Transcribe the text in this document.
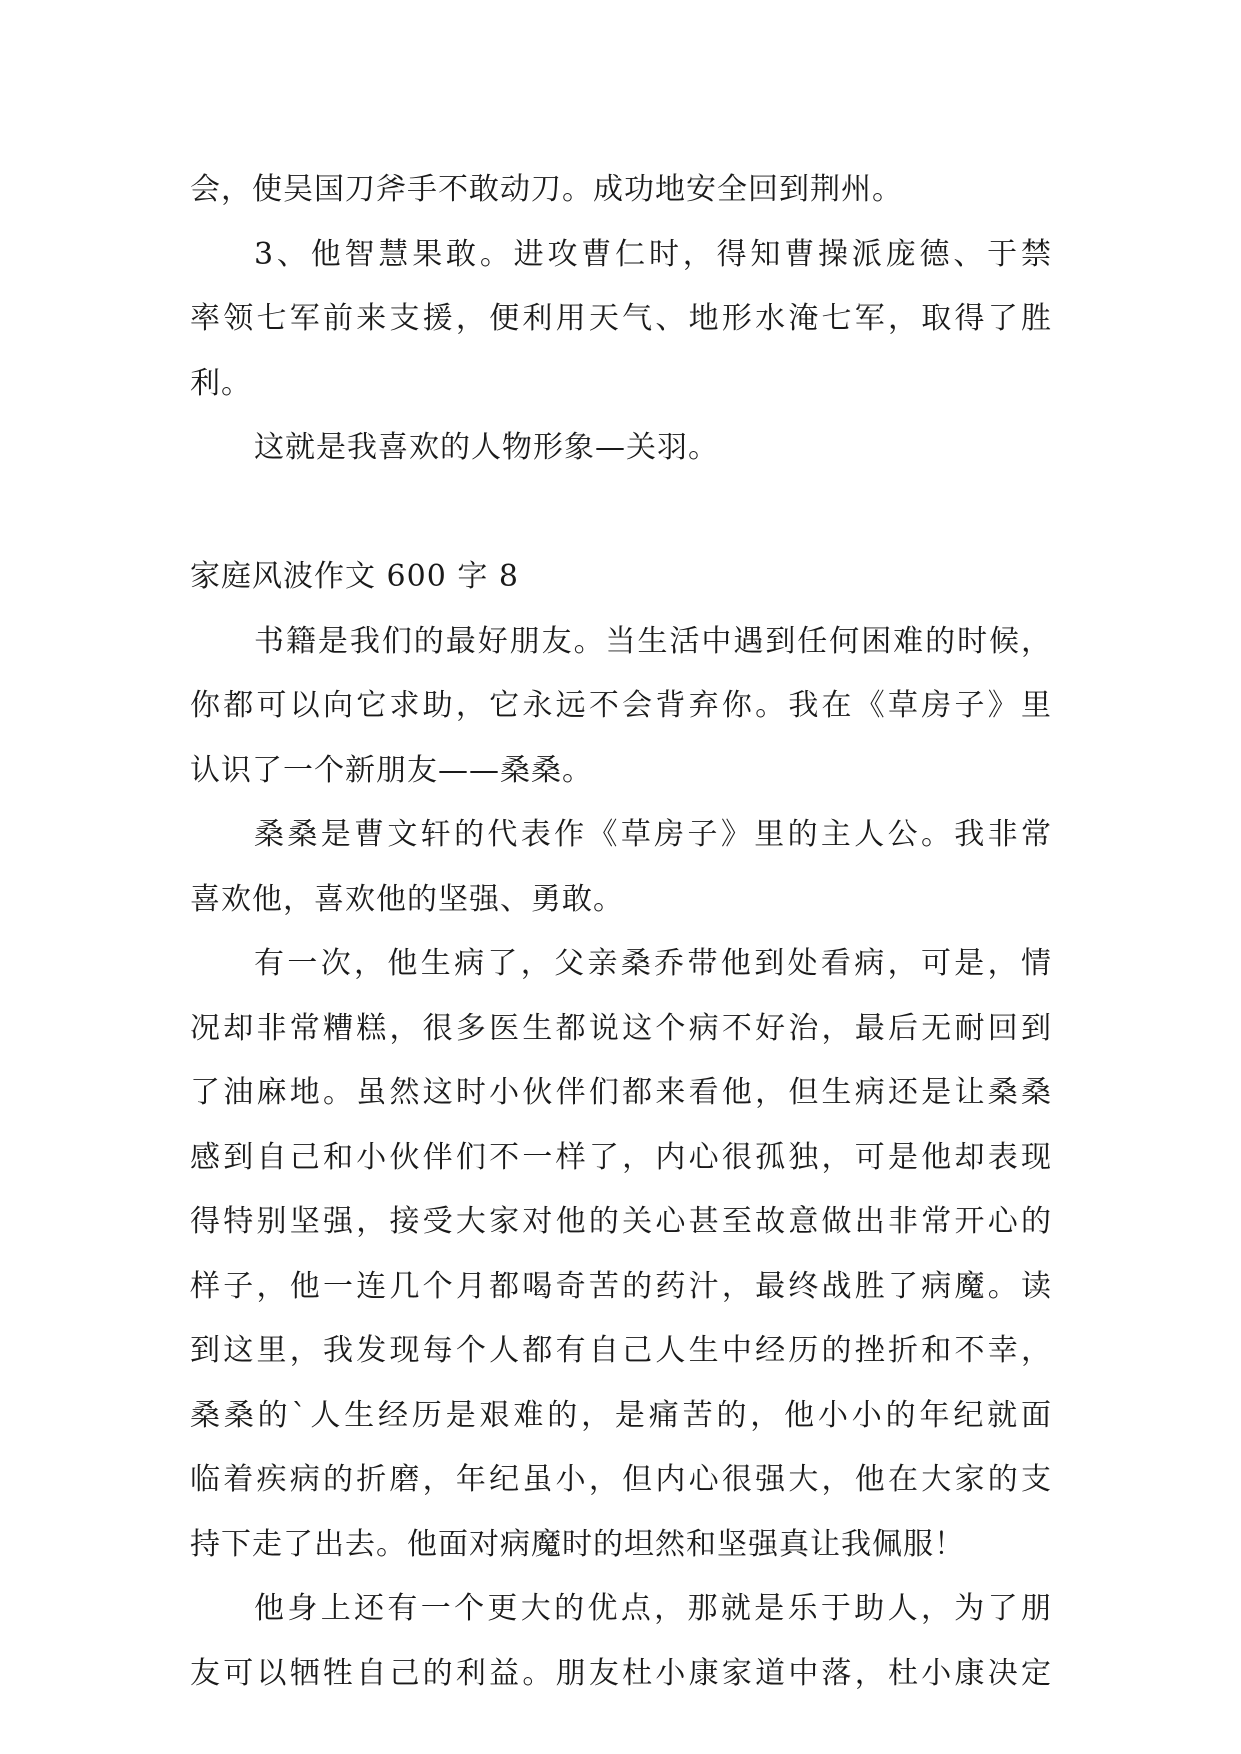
会，使吴国刀斧手不敢动刀。成功地安全回到荆州。
3、他智慧果敢。进攻曹仁时，得知曹操派庞德、于禁
率领七军前来支援，便利用天气、地形水淹七军，取得了胜
利。
这就是我喜欢的人物形象—关羽。
家庭风波作文 600 字 8
书籍是我们的最好朋友。当生活中遇到任何困难的时候，
你都可以向它求助，它永远不会背弃你。我在《草房子》里
认识了一个新朋友——桑桑。
桑桑是曹文轩的代表作《草房子》里的主人公。我非常
喜欢他，喜欢他的坚强、勇敢。
有一次，他生病了，父亲桑乔带他到处看病，可是，情
况却非常糟糕，很多医生都说这个病不好治，最后无耐回到
了油麻地。虽然这时小伙伴们都来看他，但生病还是让桑桑
感到自己和小伙伴们不一样了，内心很孤独，可是他却表现
得特别坚强，接受大家对他的关心甚至故意做出非常开心的
样子，他一连几个月都喝奇苦的药汁，最终战胜了病魔。读
到这里，我发现每个人都有自己人生中经历的挫折和不幸，
桑桑的`人生经历是艰难的，是痛苦的，他小小的年纪就面
临着疾病的折磨，年纪虽小，但内心很强大，他在大家的支
持下走了出去。他面对病魔时的坦然和坚强真让我佩服！
他身上还有一个更大的优点，那就是乐于助人，为了朋
友可以牺牲自己的利益。朋友杜小康家道中落，杜小康决定
